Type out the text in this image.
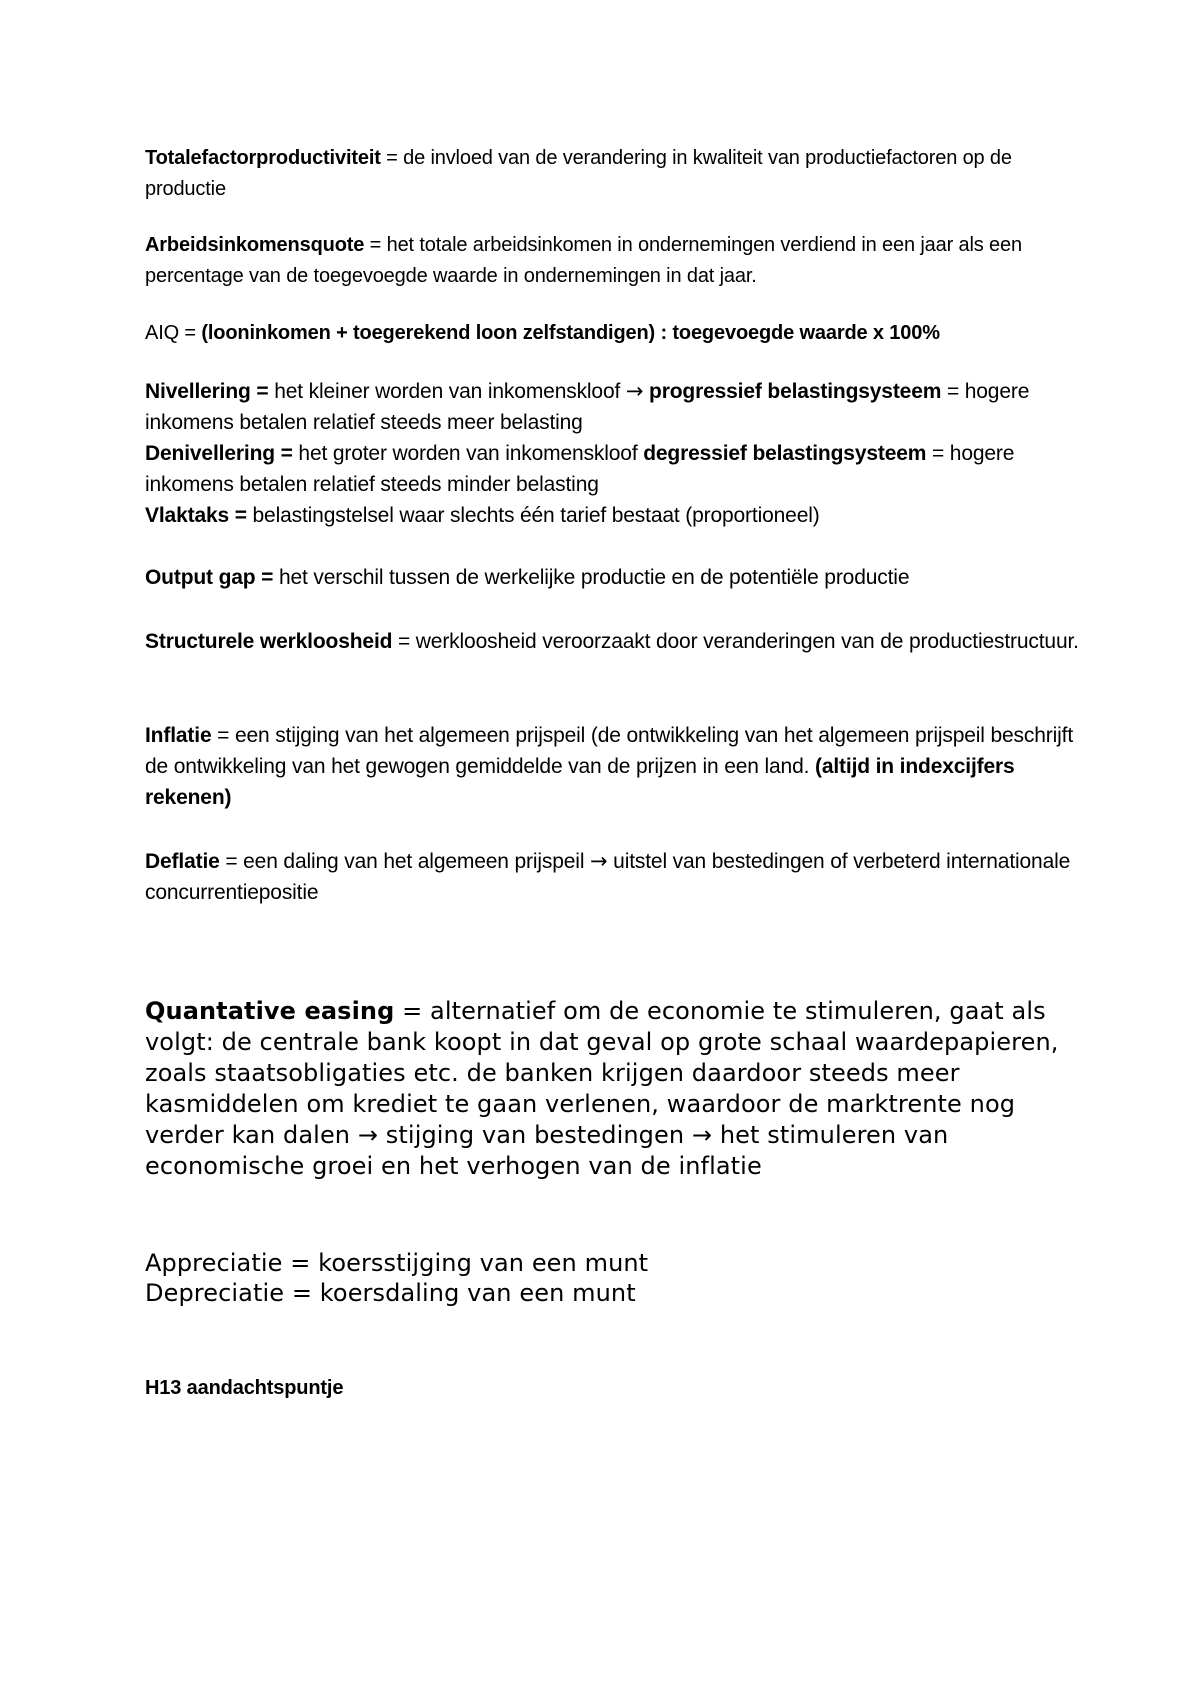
Totalefactorproductiviteit = de invloed van de verandering in kwaliteit van productiefactoren op de productie

Arbeidsinkomensquote = het totale arbeidsinkomen in ondernemingen verdiend in een jaar als een percentage van de toegevoegde waarde in ondernemingen in dat jaar.

AIQ = (looninkomen + toegerekend loon zelfstandigen) : toegevoegde waarde x 100%

Nivellering = het kleiner worden van inkomenskloof → progressief belastingsysteem = hogere inkomens betalen relatief steeds meer belasting

Denivellering = het groter worden van inkomenskloof degressief belastingsysteem = hogere inkomens betalen relatief steeds minder belasting

Vlaktaks = belastingstelsel waar slechts één tarief bestaat (proportioneel)

Output gap = het verschil tussen de werkelijke productie en de potentiële productie

Structurele werkloosheid = werkloosheid veroorzaakt door veranderingen van de productiestructuur.

Inflatie = een stijging van het algemeen prijspeil (de ontwikkeling van het algemeen prijspeil beschrijft de ontwikkeling van het gewogen gemiddelde van de prijzen in een land. (altijd in indexcijfers rekenen)

Deflatie = een daling van het algemeen prijspeil → uitstel van bestedingen of verbeterd internationale concurrentiepositie

Quantative easing = alternatief om de economie te stimuleren, gaat als volgt: de centrale bank koopt in dat geval op grote schaal waardepapieren, zoals staatsobligaties etc. de banken krijgen daardoor steeds meer kasmiddelen om krediet te gaan verlenen, waardoor de marktrente nog verder kan dalen → stijging van bestedingen → het stimuleren van economische groei en het verhogen van de inflatie

Appreciatie = koersstijging van een munt

Depreciatie = koersdaling van een munt

H13 aandachtspuntje
